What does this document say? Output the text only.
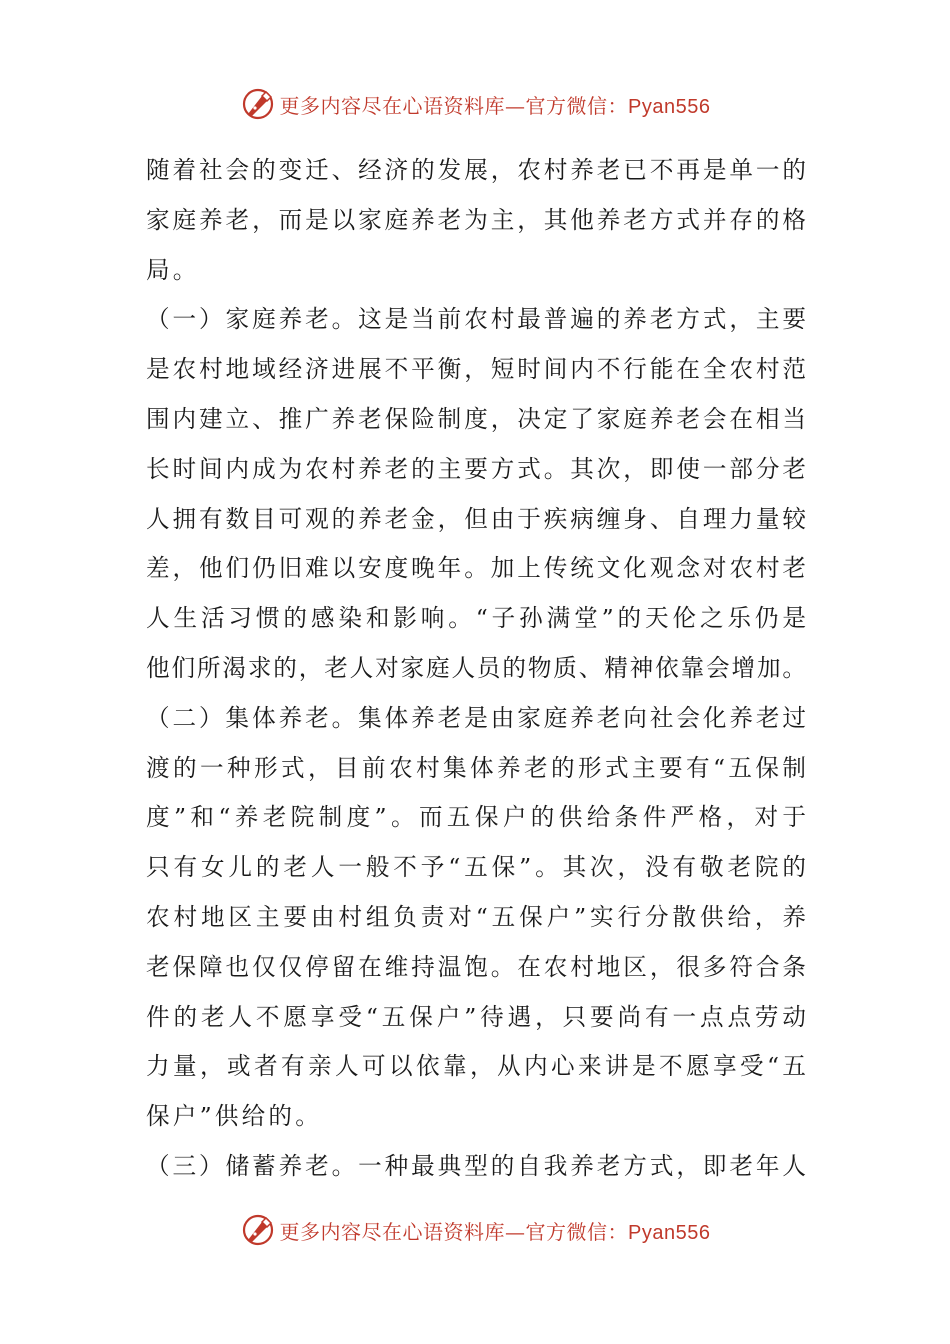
更多内容尽在心语资料库—官方微信：Pyan556
随着社会的变迁、经济的发展，农村养老已不再是单一的
家庭养老，而是以家庭养老为主，其他养老方式并存的格
局。
（一）家庭养老。这是当前农村最普遍的养老方式，主要
是农村地域经济进展不平衡，短时间内不行能在全农村范
围内建立、推广养老保险制度，决定了家庭养老会在相当
长时间内成为农村养老的主要方式。其次，即使一部分老
人拥有数目可观的养老金，但由于疾病缠身、自理力量较
差，他们仍旧难以安度晚年。加上传统文化观念对农村老
人生活习惯的感染和影响。“子孙满堂”的天伦之乐仍是
他们所渴求的，老人对家庭人员的物质、精神依靠会增加。
（二）集体养老。集体养老是由家庭养老向社会化养老过
渡的一种形式，目前农村集体养老的形式主要有“五保制
度”和“养老院制度”。而五保户的供给条件严格，对于
只有女儿的老人一般不予“五保”。其次，没有敬老院的
农村地区主要由村组负责对“五保户”实行分散供给，养
老保障也仅仅停留在维持温饱。在农村地区，很多符合条
件的老人不愿享受“五保户”待遇，只要尚有一点点劳动
力量，或者有亲人可以依靠，从内心来讲是不愿享受“五
保户”供给的。
（三）储蓄养老。一种最典型的自我养老方式，即老年人
更多内容尽在心语资料库—官方微信：Pyan556
